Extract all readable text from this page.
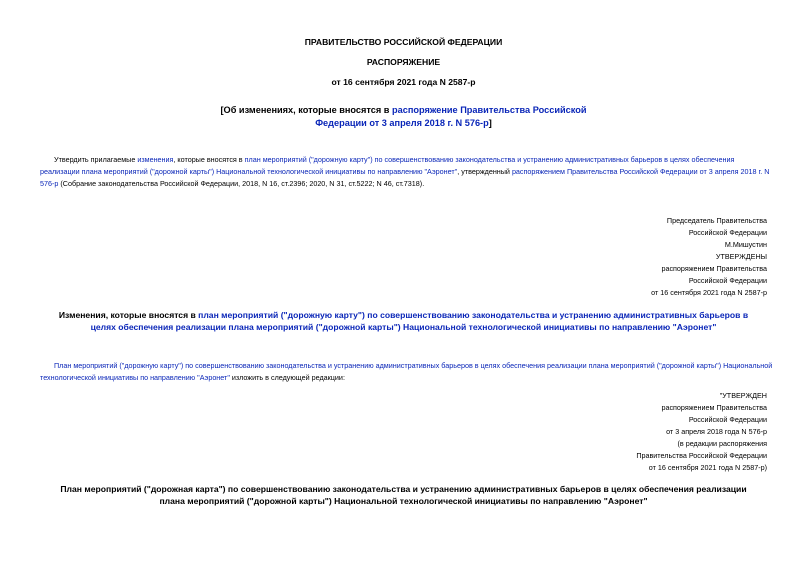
ПРАВИТЕЛЬСТВО РОССИЙСКОЙ ФЕДЕРАЦИИ
РАСПОРЯЖЕНИЕ
от 16 сентября 2021 года N 2587-р
[Об изменениях, которые вносятся в распоряжение Правительства Российской
Федерации от 3 апреля 2018 г. N 576-р]
Утвердить прилагаемые изменения, которые вносятся в план мероприятий ("дорожную карту") по совершенствованию законодательства и устранению административных барьеров в целях обеспечения
реализации плана мероприятий ("дорожной карты") Национальной технологической инициативы по направлению "Аэронет", утвержденный распоряжением Правительства Российской Федерации от 3 апреля 2018 г. N
576-р (Собрание законодательства Российской Федерации, 2018, N 16, ст.2396; 2020, N 31, ст.5222; N 46, ст.7318).
Председатель Правительства
Российской Федерации
М.Мишустин
УТВЕРЖДЕНЫ
распоряжением Правительства
Российской Федерации
от 16 сентября 2021 года N 2587-р
Изменения, которые вносятся в план мероприятий ("дорожную карту") по совершенствованию законодательства и устранению административных барьеров в
целях обеспечения реализации плана мероприятий ("дорожной карты") Национальной технологической инициативы по направлению "Аэронет"
План мероприятий ("дорожную карту") по совершенствованию законодательства и устранению административных барьеров в целях обеспечения реализации плана мероприятий ("дорожной карты") Национальной
технологической инициативы по направлению "Аэронет" изложить в следующей редакции:
"УТВЕРЖДЕН
распоряжением Правительства
Российской Федерации
от 3 апреля 2018 года N 576-р
(в редакции распоряжения
Правительства Российской Федерации
от 16 сентября 2021 года N 2587-р)
План мероприятий ("дорожная карта") по совершенствованию законодательства и устранению административных барьеров в целях обеспечения реализации
плана мероприятий ("дорожной карты") Национальной технологической инициативы по направлению "Аэронет"
